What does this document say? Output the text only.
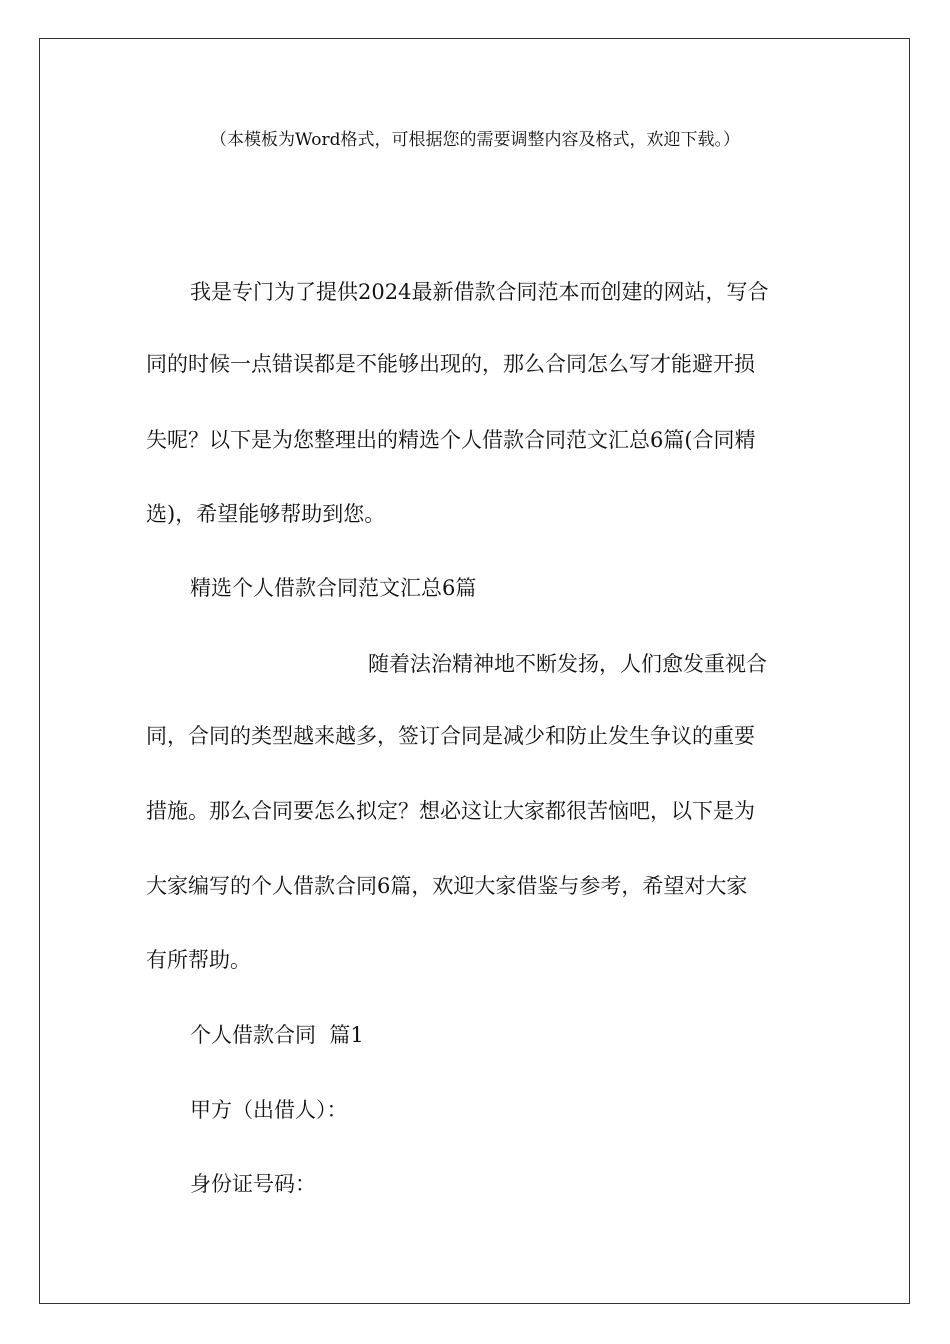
（本模板为Word格式，可根据您的需要调整内容及格式，欢迎下载。）
我是专门为了提供2024最新借款合同范本而创建的网站，写合
同的时候一点错误都是不能够出现的，那么合同怎么写才能避开损
失呢？以下是为您整理出的精选个人借款合同范文汇总6篇(合同精
选)，希望能够帮助到您。
精选个人借款合同范文汇总6篇
随着法治精神地不断发扬，人们愈发重视合
同，合同的类型越来越多，签订合同是减少和防止发生争议的重要
措施。那么合同要怎么拟定？想必这让大家都很苦恼吧，以下是为
大家编写的个人借款合同6篇，欢迎大家借鉴与参考，希望对大家
有所帮助。
个人借款合同  篇1
甲方（出借人）：
身份证号码：
